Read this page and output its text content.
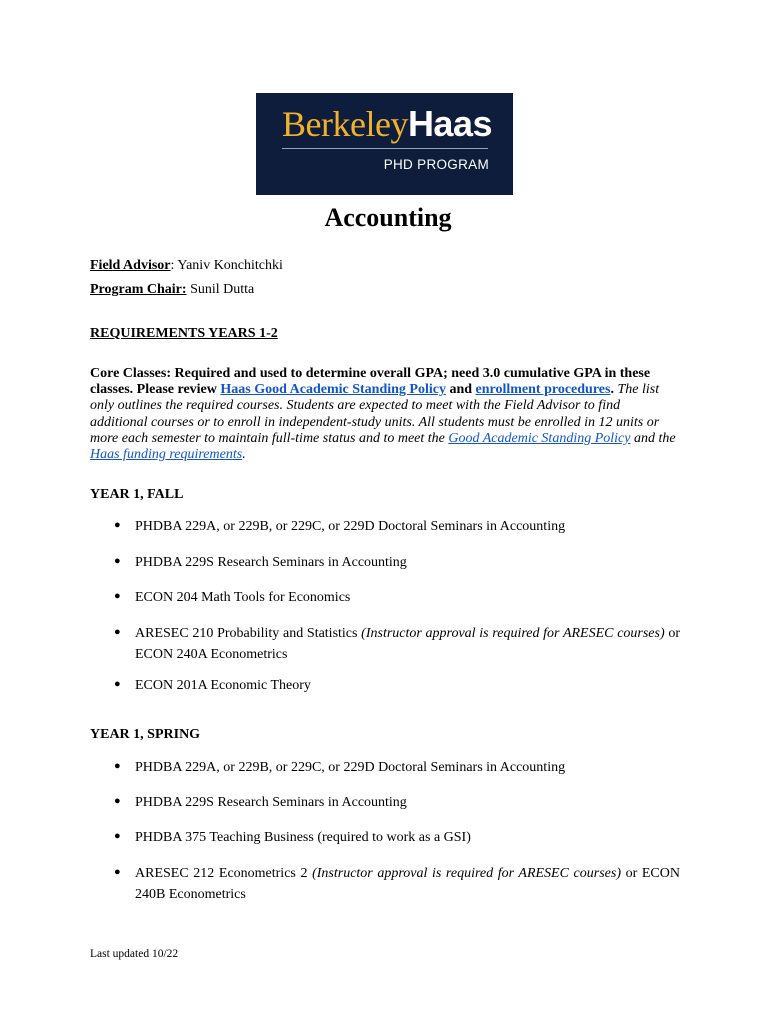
BerkeleyHaas
PHD PROGRAM
Accounting
Field Advisor: Yaniv Konchitchki
Program Chair: Sunil Dutta
REQUIREMENTS YEARS 1-2
Core Classes: Required and used to determine overall GPA; need 3.0 cumulative GPA in these classes. Please review Haas Good Academic Standing Policy and enrollment procedures. The list only outlines the required courses. Students are expected to meet with the Field Advisor to find additional courses or to enroll in independent-study units. All students must be enrolled in 12 units or more each semester to maintain full-time status and to meet the Good Academic Standing Policy and the Haas funding requirements.
YEAR 1, FALL
● PHDBA 229A, or 229B, or 229C, or 229D Doctoral Seminars in Accounting
● PHDBA 229S Research Seminars in Accounting
● ECON 204 Math Tools for Economics
● ARESEC 210 Probability and Statistics (Instructor approval is required for ARESEC courses) or ECON 240A Econometrics
● ECON 201A Economic Theory
YEAR 1, SPRING
● PHDBA 229A, or 229B, or 229C, or 229D Doctoral Seminars in Accounting
● PHDBA 229S Research Seminars in Accounting
● PHDBA 375 Teaching Business (required to work as a GSI)
● ARESEC 212 Econometrics 2 (Instructor approval is required for ARESEC courses) or ECON 240B Econometrics
Last updated 10/22
